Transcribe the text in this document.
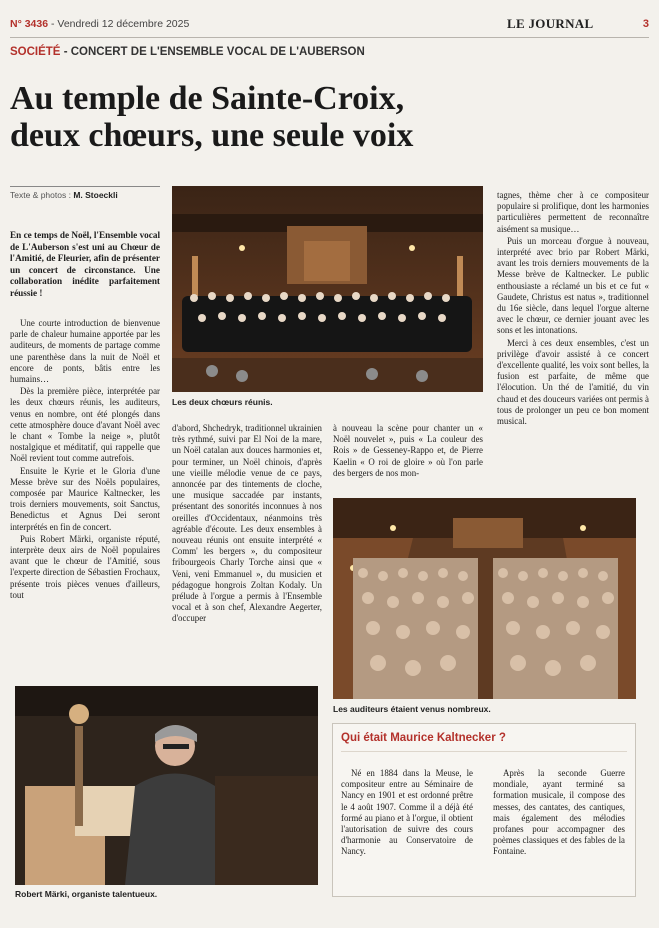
N° 3436 - Vendredi 12 décembre 2025	LE JOURNAL	3
SOCIÉTÉ - CONCERT DE L'ENSEMBLE VOCAL DE L'AUBERSON
Au temple de Sainte-Croix,
deux chœurs, une seule voix
Texte & photos : M. Stoeckli
En ce temps de Noël, l'Ensemble vocal de L'Auberson s'est uni au Chœur de l'Amitié, de Fleurier, afin de présenter un concert de circonstance. Une collaboration inédite parfaitement réussie !

Une courte introduction de bienvenue parle de chaleur humaine apportée par les auditeurs, de moments de partage comme une parenthèse dans la nuit de Noël et encore de ponts, bâtis entre les humains…

Dès la première pièce, interprétée par les deux chœurs réunis, les auditeurs, venus en nombre, ont été plongés dans cette atmosphère douce d'avant Noël avec le chant « Tombe la neige », plutôt nostalgique et méditatif, qui rappelle que Noël revient tout comme autrefois.

Ensuite le Kyrie et le Gloria d'une Messe brève sur des Noëls populaires, composée par Maurice Kaltnecker, les trois derniers mouvements, soit Sanctus, Benedictus et Agnus Dei seront interprétés en fin de concert.

Puis Robert Märki, organiste réputé, interprète deux airs de Noël populaires avant que le chœur de l'Amitié, sous l'experte direction de Sébastien Frochaux, présente trois pièces venues d'ailleurs, tout

d'abord, Shchedryk, traditionnel ukrainien très rythmé, suivi par El Noi de la mare, un Noël catalan aux douces harmonies et, pour terminer, un Noël chinois, d'après une vieille mélodie venue de ce pays, annoncée par des tintements de cloche, une musique saccadée par instants, présentant des sonorités inconnues à nos oreilles d'Occidentaux, néanmoins très agréable d'écoute. Les deux ensembles à nouveau réunis ont ensuite interprété « Comm' les bergers », du compositeur fribourgeois Charly Torche ainsi que « Veni, veni Emmanuel », du musicien et pédagogue hongrois Zoltan Kodaly. Un prélude à l'orgue a permis à l'Ensemble vocal et à son chef, Alexandre Aegerter, d'occuper

à nouveau la scène pour chanter un « Noël nouvelet », puis « La couleur des Rois » de Gesseney-Rappo et, de Pierre Kaelin « O roi de gloire » où l'on parle des bergers de nos mon-

tagnes, thème cher à ce compositeur populaire si prolifique, dont les harmonies particulières permettent de reconnaître aisément sa musique…

Puis un morceau d'orgue à nouveau, interprété avec brio par Robert Märki, avant les trois derniers mouvements de la Messe brève de Kaltnecker. Le public enthousiaste a réclamé un bis et ce fut « Gaudete, Christus est natus », traditionnel du 16e siècle, dans lequel l'orgue alterne avec le chœur, ce dernier jouant avec les sons et les intonations.

Merci à ces deux ensembles, c'est un privilège d'avoir assisté à ce concert d'excellente qualité, les voix sont belles, la fusion est parfaite, de même que l'élocution. Un thé de l'amitié, du vin chaud et des douceurs variées ont permis à tous de prolonger un peu ce bon moment musical.

Les deux chœurs réunis.
Les auditeurs étaient venus nombreux.
Robert Märki, organiste talentueux.
Qui était Maurice Kaltnecker ?

Né en 1884 dans la Meuse, le compositeur entre au Séminaire de Nancy en 1901 et est ordonné prêtre le 4 août 1907. Comme il a déjà été formé au piano et à l'orgue, il obtient l'autorisation de suivre des cours d'harmonie au Conservatoire de Nancy.

Après la seconde Guerre mondiale, ayant terminé sa formation musicale, il compose des messes, des cantates, des cantiques, mais également des mélodies profanes pour accompagner des poèmes classiques et des fables de la Fontaine.
